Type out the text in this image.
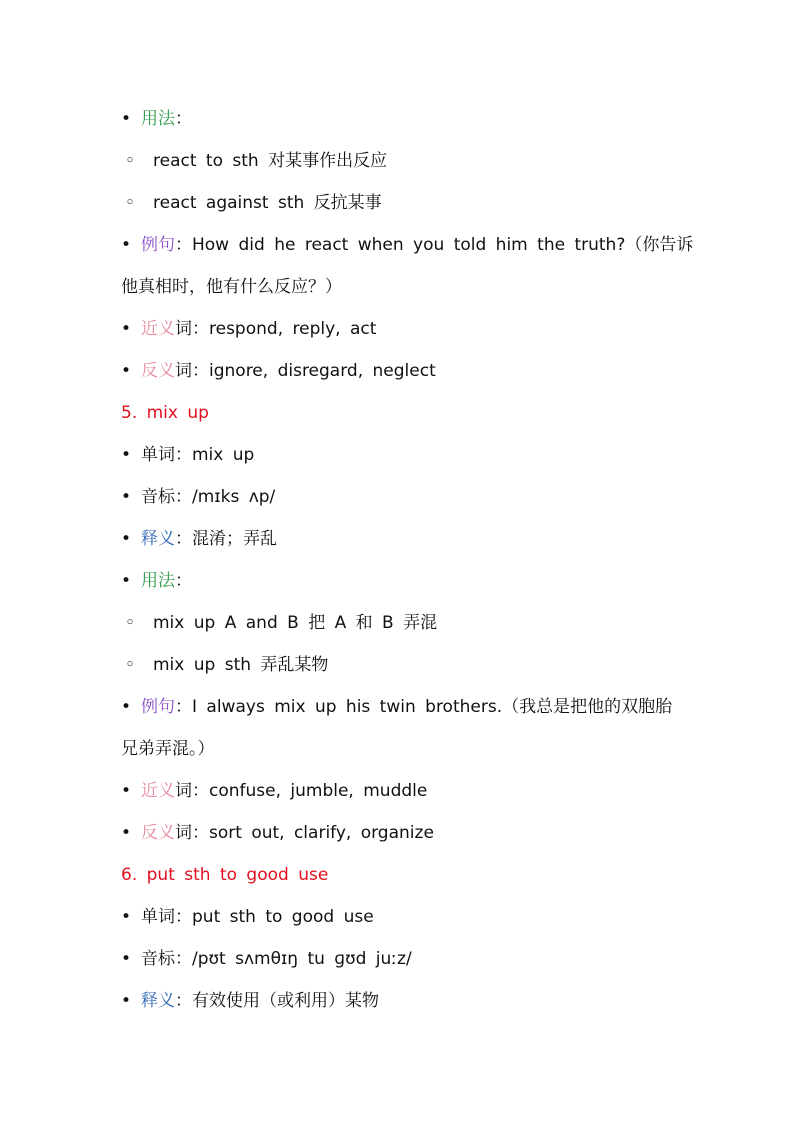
• 用法：
◦ react to sth 对某事作出反应
◦ react against sth 反抗某事
• 例句：How did he react when you told him the truth?（你告诉
他真相时，他有什么反应？）
• 近义词：respond, reply, act
• 反义词：ignore, disregard, neglect
5. mix up
• 单词：mix up
• 音标：/mɪks ʌp/
• 释义：混淆；弄乱
• 用法：
◦ mix up A and B 把 A 和 B 弄混
◦ mix up sth 弄乱某物
• 例句：I always mix up his twin brothers.（我总是把他的双胞胎
兄弟弄混。）
• 近义词：confuse, jumble, muddle
• 反义词：sort out, clarify, organize
6. put sth to good use
• 单词：put sth to good use
• 音标：/pʊt sʌmθɪŋ tu ɡʊd juːz/
• 释义：有效使用（或利用）某物
